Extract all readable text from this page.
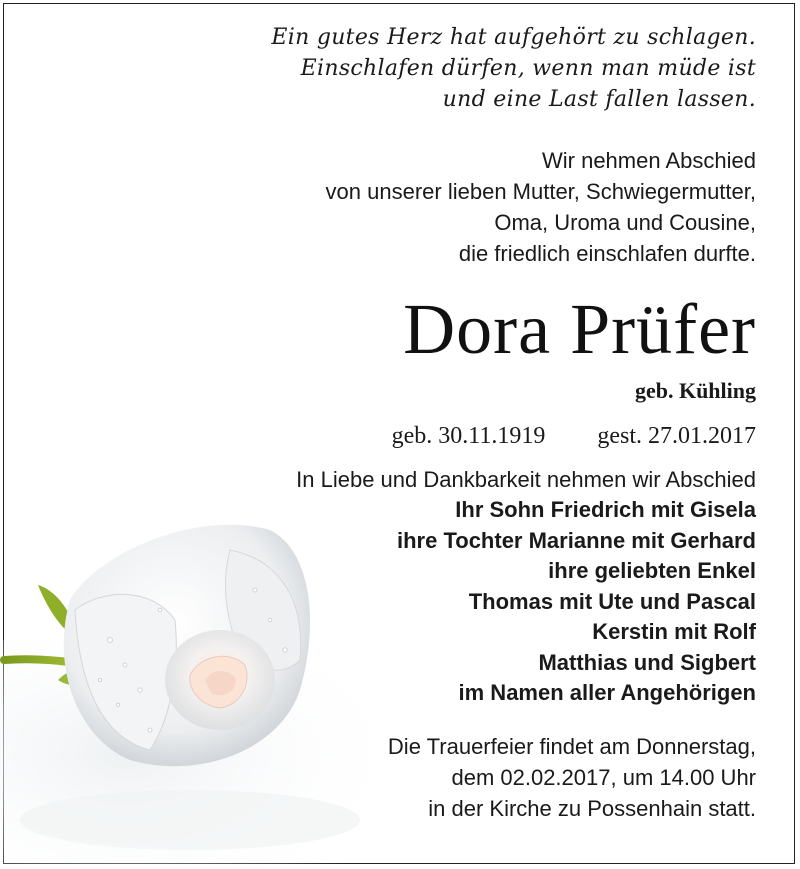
Ein gutes Herz hat aufgehört zu schlagen.
Einschlafen dürfen, wenn man müde ist
und eine Last fallen lassen.

Wir nehmen Abschied
von unserer lieben Mutter, Schwiegermutter,
Oma, Uroma und Cousine,
die friedlich einschlafen durfte.
Dora Prüfer
geb. Kühling
geb. 30.11.1919 gest. 27.01.2017
In Liebe und Dankbarkeit nehmen wir Abschied
Ihr Sohn Friedrich mit Gisela
ihre Tochter Marianne mit Gerhard
ihre geliebten Enkel
Thomas mit Ute und Pascal
Kerstin mit Rolf
Matthias und Sigbert
im Namen aller Angehörigen
Die Trauerfeier findet am Donnerstag,
dem 02.02.2017, um 14.00 Uhr
in der Kirche zu Possenhain statt.
